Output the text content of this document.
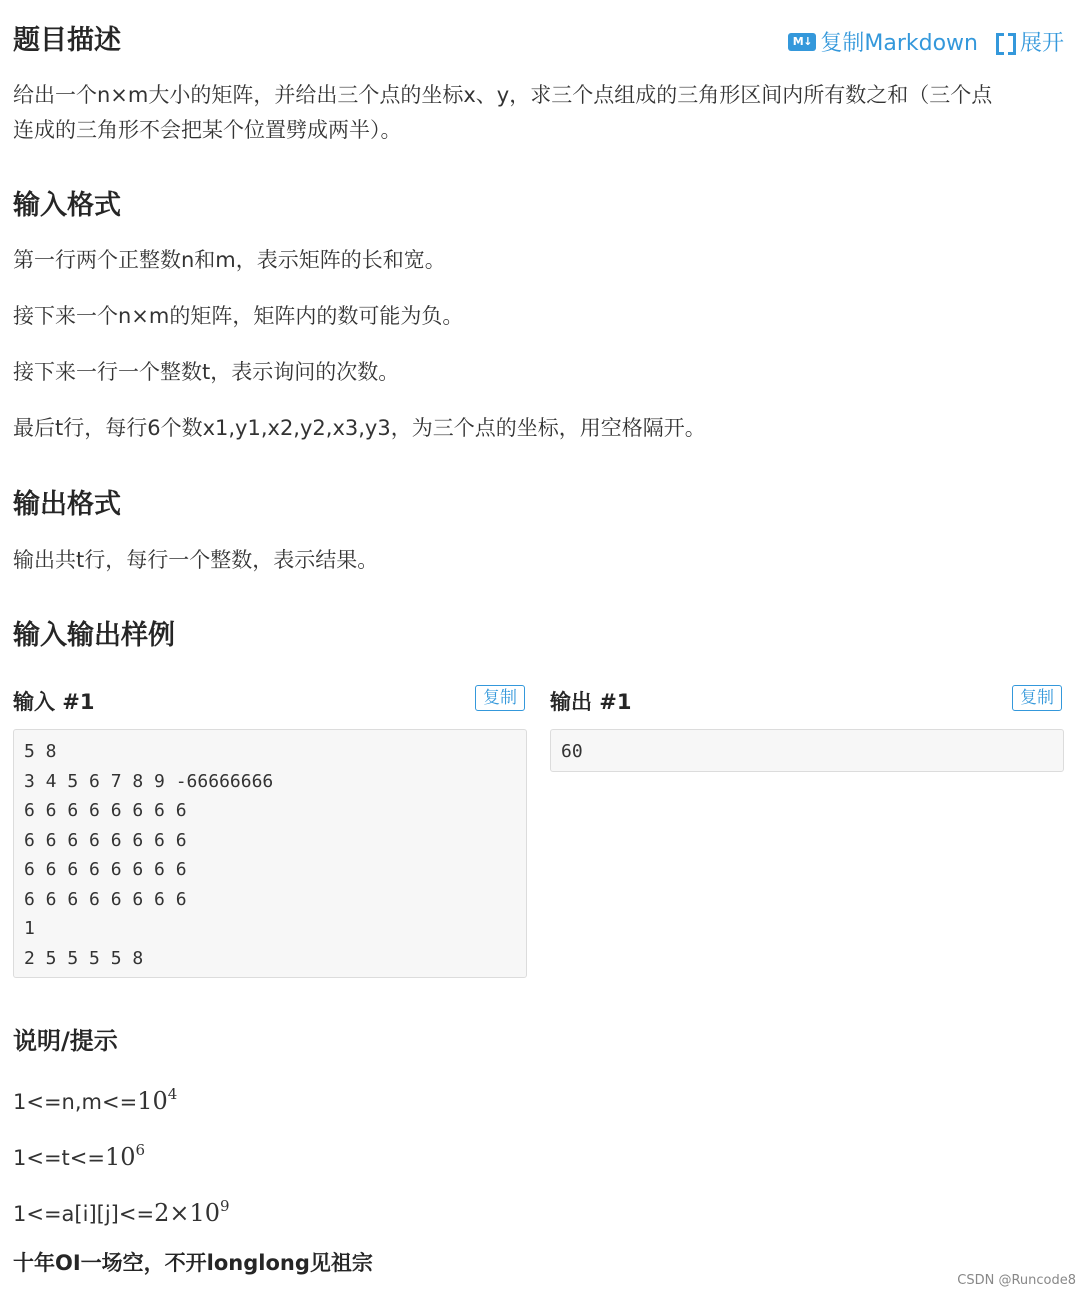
M↓ 复制Markdown 展开
题目描述

给出一个n×m大小的矩阵，并给出三个点的坐标x、y，求三个点组成的三角形区间内所有数之和（三个点

连成的三角形不会把某个位置劈成两半）。

输入格式

第一行两个正整数n和m，表示矩阵的长和宽。

接下来一个n×m的矩阵，矩阵内的数可能为负。

接下来一行一个整数t，表示询问的次数。

最后t行，每行6个数x1,y1,x2,y2,x3,y3，为三个点的坐标，用空格隔开。

输出格式

输出共t行，每行一个整数，表示结果。

输入输出样例
输入 #1	复制
5 8
3 4 5 6 7 8 9 -66666666
6 6 6 6 6 6 6 6
6 6 6 6 6 6 6 6
6 6 6 6 6 6 6 6
6 6 6 6 6 6 6 6
1
2 5 5 5 5 8
输出 #1	复制
60
说明/提示

$1<=n,m<=10^4$

$1<=t<=10^6$

$1<=a[i][j]<=2\times 10^9$

十年OI一场空，不开longlong见祖宗

CSDN @Runcode8
